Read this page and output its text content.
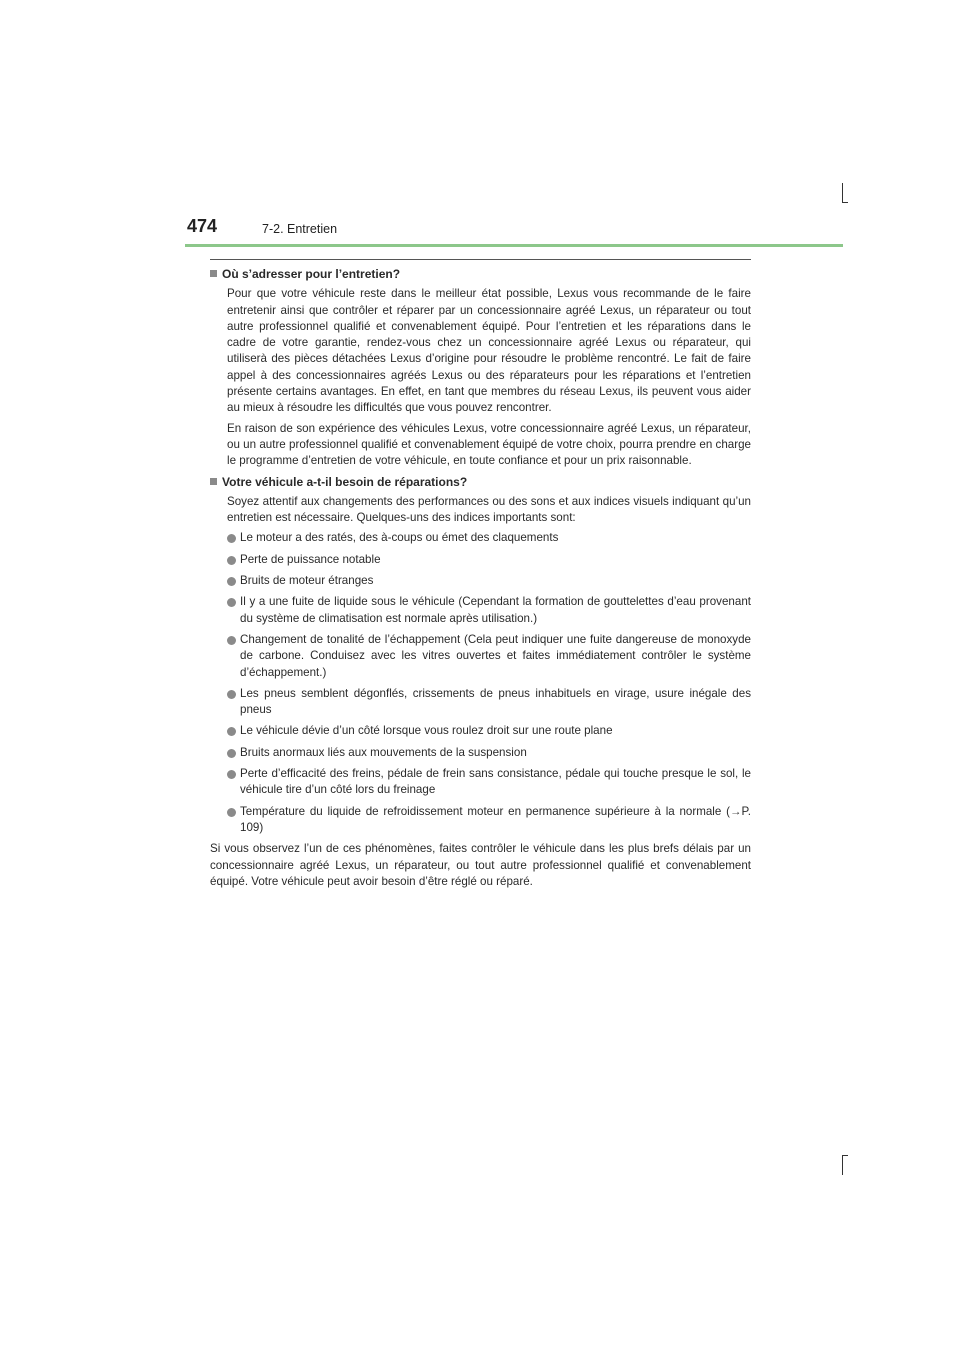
474	7-2. Entretien
Où s’adresser pour l’entretien?

Pour que votre véhicule reste dans le meilleur état possible, Lexus vous recommande de le faire entretenir ainsi que contrôler et réparer par un concessionnaire agréé Lexus, un réparateur ou tout autre professionnel qualifié et convenablement équipé. Pour l’entretien et les réparations dans le cadre de votre garantie, rendez-vous chez un concessionnaire agréé Lexus ou réparateur, qui utiliserà des pièces détachées Lexus d’origine pour résoudre le problème rencontré. Le fait de faire appel à des concessionnaires agréés Lexus ou des réparateurs pour les réparations et l’entretien présente certains avantages. En effet, en tant que membres du réseau Lexus, ils peuvent vous aider au mieux à résoudre les difficultés que vous pouvez rencontrer.

En raison de son expérience des véhicules Lexus, votre concessionnaire agréé Lexus, un réparateur, ou un autre professionnel qualifié et convenablement équipé de votre choix, pourra prendre en charge le programme d’entretien de votre véhicule, en toute confiance et pour un prix raisonnable.

Votre véhicule a-t-il besoin de réparations?

Soyez attentif aux changements des performances ou des sons et aux indices visuels indiquant qu’un entretien est nécessaire. Quelques-uns des indices importants sont:

Le moteur a des ratés, des à-coups ou émet des claquements
Perte de puissance notable
Bruits de moteur étranges
Il y a une fuite de liquide sous le véhicule (Cependant la formation de gouttelettes d’eau provenant du système de climatisation est normale après utilisation.)
Changement de tonalité de l’échappement (Cela peut indiquer une fuite dangereuse de monoxyde de carbone. Conduisez avec les vitres ouvertes et faites immédiatement contrôler le système d’échappement.)
Les pneus semblent dégonflés, crissements de pneus inhabituels en virage, usure inégale des pneus
Le véhicule dévie d’un côté lorsque vous roulez droit sur une route plane
Bruits anormaux liés aux mouvements de la suspension
Perte d’efficacité des freins, pédale de frein sans consistance, pédale qui touche presque le sol, le véhicule tire d’un côté lors du freinage
Température du liquide de refroidissement moteur en permanence supérieure à la normale (→P. 109)

Si vous observez l’un de ces phénomènes, faites contrôler le véhicule dans les plus brefs délais par un concessionnaire agréé Lexus, un réparateur, ou tout autre professionnel qualifié et convenablement équipé. Votre véhicule peut avoir besoin d’être réglé ou réparé.
